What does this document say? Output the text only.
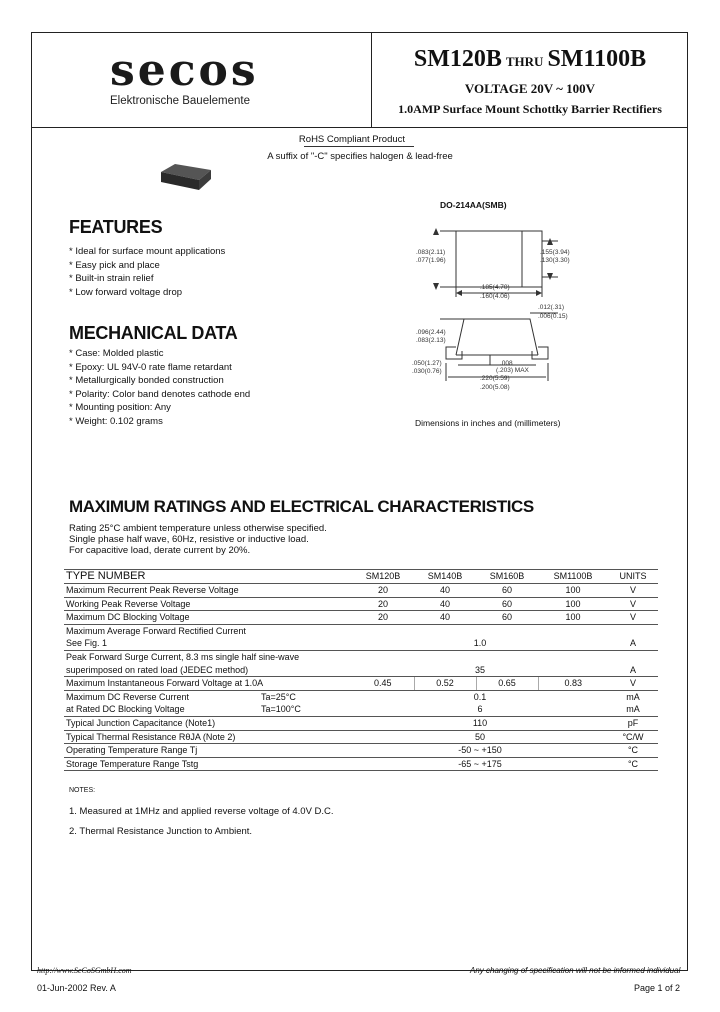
secos
Elektronische Bauelemente
SM120B THRU SM1100B
VOLTAGE 20V ~ 100V
1.0AMP Surface Mount Schottky Barrier Rectifiers
RoHS Compliant Product
A suffix of "-C" specifies halogen & lead-free
FEATURES
* Ideal for surface mount applications
* Easy pick and place
* Built-in strain relief
* Low forward voltage drop
MECHANICAL DATA
* Case: Molded plastic
* Epoxy: UL 94V-0 rate flame retardant
* Metallurgically bonded construction
* Polarity: Color band denotes cathode end
* Mounting position: Any
* Weight: 0.102 grams
DO-214AA(SMB)
.083(2.11)
.077(1.96)
.155(3.94)
.130(3.30)
.185(4.70)
.160(4.06)
.012(.31)
.006(0.15)
.096(2.44)
.083(2.13)
.050(1.27)
.030(0.76)
.008
(.203) MAX
.220(5.59)
.200(5.08)
Dimensions in inches and (millimeters)
MAXIMUM RATINGS AND ELECTRICAL CHARACTERISTICS
Rating 25°C ambient temperature unless otherwise specified.
Single phase half wave, 60Hz, resistive or inductive load.
For capacitive load, derate current by 20%.
TYPE NUMBER	SM120B	SM140B	SM160B	SM1100B	UNITS
Maximum Recurrent Peak Reverse Voltage	20	40	60	100	V
Working Peak Reverse Voltage	20	40	60	100	V
Maximum DC Blocking Voltage	20	40	60	100	V
Maximum Average Forward Rectified Current					
See Fig. 1	1.0				A
Peak Forward Surge Current, 8.3 ms single half sine-wave					
superimposed on rated load (JEDEC method)	35				A
Maximum Instantaneous Forward Voltage at 1.0A	0.45	0.52	0.65	0.83	V
Maximum DC Reverse Current Ta=25°C	0.1				mA
at Rated DC Blocking Voltage Ta=100°C	6				mA
Typical Junction Capacitance (Note1)	110				pF
Typical Thermal Resistance RθJA (Note 2)	50				°C/W
Operating Temperature Range Tj	-50 ~ +150				°C
Storage Temperature Range Tstg	-65 ~ +175				°C
NOTES:
1. Measured at 1MHz and applied reverse voltage of 4.0V D.C.
2. Thermal Resistance Junction to Ambient.
http://www.SeCoSGmbH.com	Any changing of specification will not be informed individual
01-Jun-2002 Rev. A	Page 1 of 2
